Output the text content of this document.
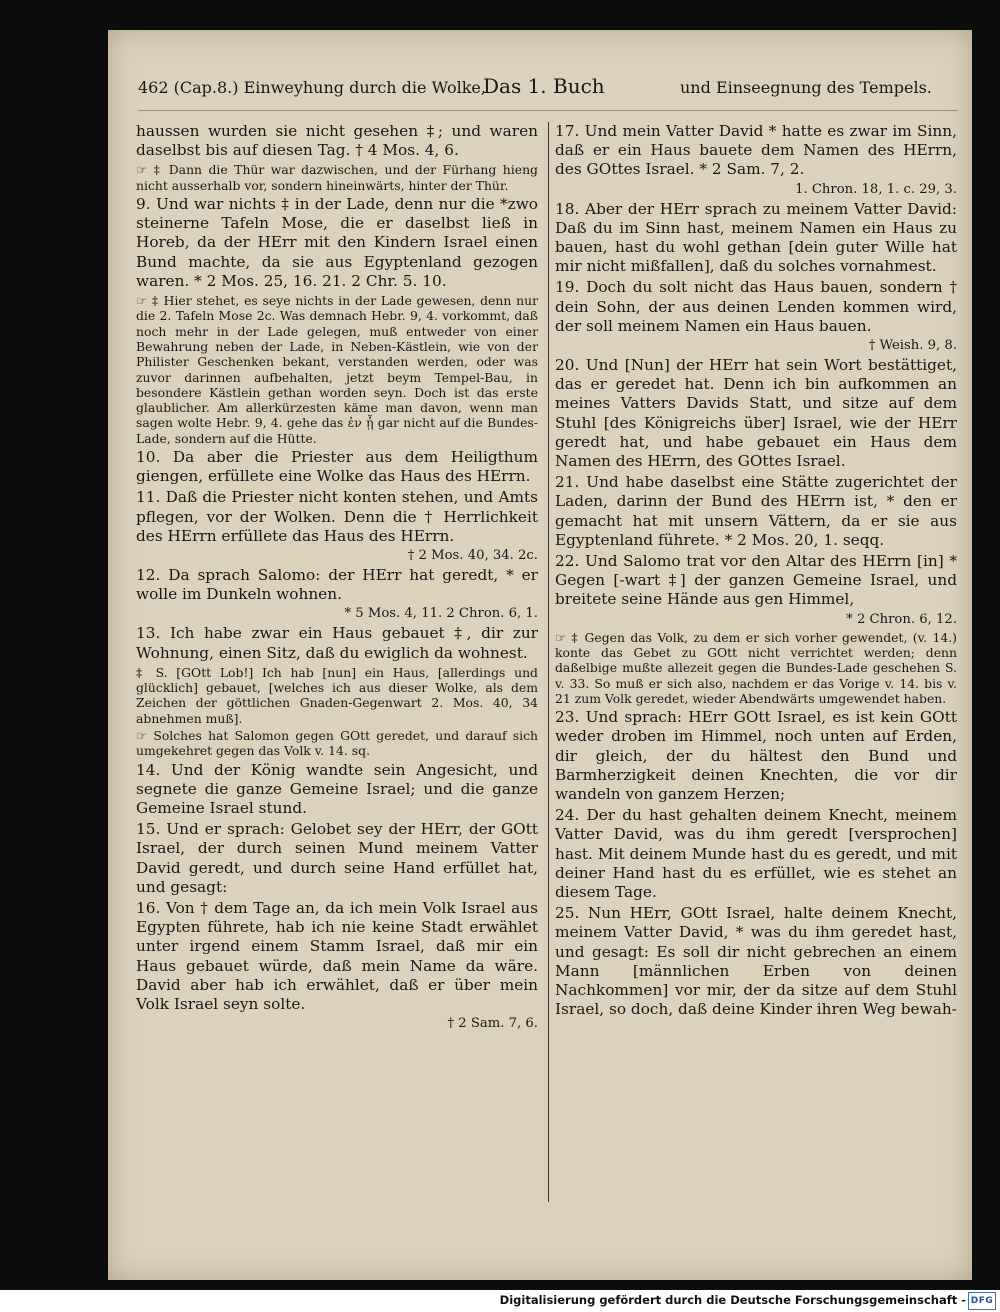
462 (Cap.8.) Einweyhung durch die Wolke,
Das 1. Buch	und Einseegnung des Tempels.

haussen wurden sie nicht gesehen ‡; und waren daselbst bis auf diesen Tag. † 4 Mos. 4, 6.

☞ ‡ Dann die Thür war dazwischen, und der Fürhang hieng nicht ausserhalb vor, sondern hineinwärts, hinter der Thür.

9. Und war nichts ‡ in der Lade, denn nur die *zwo steinerne Tafeln Mose, die er daselbst ließ in Horeb, da der HErr mit den Kindern Israel einen Bund machte, da sie aus Egyptenland gezogen waren. * 2 Mos. 25, 16. 21. 2 Chr. 5. 10.

☞ ‡ Hier stehet, es seye nichts in der Lade gewesen, denn nur die 2. Tafeln Mose 2c. Was demnach Hebr. 9, 4. vorkommt, daß noch mehr in der Lade gelegen, muß entweder von einer Bewahrung neben der Lade, in Neben-Kästlein, wie von der Philister Geschenken bekant, verstanden werden, oder was zuvor darinnen aufbehalten, jetzt beym Tempel-Bau, in besondere Kästlein gethan worden seyn. Doch ist das erste glaublicher. Am allerkürzesten käme man davon, wenn man sagen wolte Hebr. 9, 4. gehe das ἐν ᾗ gar nicht auf die Bundes-Lade, sondern auf die Hütte.

10. Da aber die Priester aus dem Heiligthum giengen, erfüllete eine Wolke das Haus des HErrn.

11. Daß die Priester nicht konten stehen, und Amts pflegen, vor der Wolken. Denn die † Herrlichkeit des HErrn erfüllete das Haus des HErrn.

† 2 Mos. 40, 34. 2c.

12. Da sprach Salomo: der HErr hat geredt, * er wolle im Dunkeln wohnen.

* 5 Mos. 4, 11. 2 Chron. 6, 1.

13. Ich habe zwar ein Haus gebauet ‡, dir zur Wohnung, einen Sitz, daß du ewiglich da wohnest.

‡ S. [GOtt Lob!] Ich hab [nun] ein Haus, [allerdings und glücklich] gebauet, [welches ich aus dieser Wolke, als dem Zeichen der göttlichen Gnaden-Gegenwart 2. Mos. 40, 34 abnehmen muß].

☞ Solches hat Salomon gegen GOtt geredet, und darauf sich umgekehret gegen das Volk v. 14. sq.

14. Und der König wandte sein Angesicht, und segnete die ganze Gemeine Israel; und die ganze Gemeine Israel stund.

15. Und er sprach: Gelobet sey der HErr, der GOtt Israel, der durch seinen Mund meinem Vatter David geredt, und durch seine Hand erfüllet hat, und gesagt:

16. Von † dem Tage an, da ich mein Volk Israel aus Egypten führete, hab ich nie keine Stadt erwählet unter irgend einem Stamm Israel, daß mir ein Haus gebauet würde, daß mein Name da wäre. David aber hab ich erwählet, daß er über mein Volk Israel seyn solte.

† 2 Sam. 7, 6.

17. Und mein Vatter David * hatte es zwar im Sinn, daß er ein Haus bauete dem Namen des HErrn, des GOttes Israel. * 2 Sam. 7, 2.

1. Chron. 18, 1. c. 29, 3.

18. Aber der HErr sprach zu meinem Vatter David: Daß du im Sinn hast, meinem Namen ein Haus zu bauen, hast du wohl gethan [dein guter Wille hat mir nicht mißfallen], daß du solches vornahmest.

19. Doch du solt nicht das Haus bauen, sondern † dein Sohn, der aus deinen Lenden kommen wird, der soll meinem Namen ein Haus bauen.

† Weish. 9, 8.

20. Und [Nun] der HErr hat sein Wort bestättiget, das er geredet hat. Denn ich bin aufkommen an meines Vatters Davids Statt, und sitze auf dem Stuhl [des Königreichs über] Israel, wie der HErr geredt hat, und habe gebauet ein Haus dem Namen des HErrn, des GOttes Israel.

21. Und habe daselbst eine Stätte zugerichtet der Laden, darinn der Bund des HErrn ist, * den er gemacht hat mit unsern Vättern, da er sie aus Egyptenland führete. * 2 Mos. 20, 1. seqq.

22. Und Salomo trat vor den Altar des HErrn [in] * Gegen [-wart ‡] der ganzen Gemeine Israel, und breitete seine Hände aus gen Himmel,

* 2 Chron. 6, 12.

☞ ‡ Gegen das Volk, zu dem er sich vorher gewendet, (v. 14.) konte das Gebet zu GOtt nicht verrichtet werden; denn daßelbige mußte allezeit gegen die Bundes-Lade geschehen S. v. 33. So muß er sich also, nachdem er das Vorige v. 14. bis v. 21 zum Volk geredet, wieder Abendwärts umgewendet haben.

23. Und sprach: HErr GOtt Israel, es ist kein GOtt weder droben im Himmel, noch unten auf Erden, dir gleich, der du hältest den Bund und Barmherzigkeit deinen Knechten, die vor dir wandeln von ganzem Herzen;

24. Der du hast gehalten deinem Knecht, meinem Vatter David, was du ihm geredt [versprochen] hast. Mit deinem Munde hast du es geredt, und mit deiner Hand hast du es erfüllet, wie es stehet an diesem Tage.

25. Nun HErr, GOtt Israel, halte deinem Knecht, meinem Vatter David, * was du ihm geredet hast, und gesagt: Es soll dir nicht gebrechen an einem Mann [männlichen Erben von deinen Nachkommen] vor mir, der da sitze auf dem Stuhl Israel, so doch, daß deine Kinder ihren Weg bewah-

Digitalisierung gefördert durch die Deutsche Forschungsgemeinschaft - DFG
